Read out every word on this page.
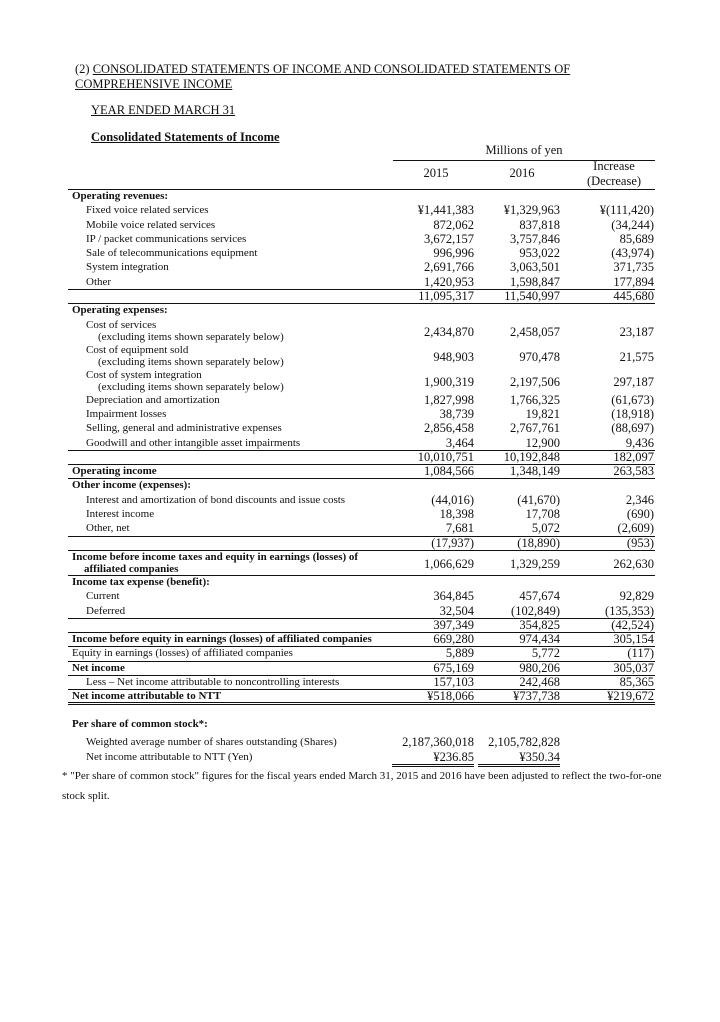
(2) CONSOLIDATED STATEMENTS OF INCOME AND CONSOLIDATED STATEMENTS OF COMPREHENSIVE INCOME
YEAR ENDED MARCH 31
Consolidated Statements of Income
Millions of yen
2015	2016	Increase
(Decrease)
Operating revenues:
Fixed voice related services	¥1,441,383 ¥1,329,963	¥(111,420)
Mobile voice related services	872,062	837,818	(34,244)
IP / packet communications services	3,672,157	3,757,846	85,689
Sale of telecommunications equipment	996,996	953,022	(43,974)
System integration	2,691,766	3,063,501	371,735
Other	1,420,953	1,598,847	177,894
11,095,317 11,540,997	445,680
Operating expenses:
Cost of services
(excluding items shown separately below)	2,434,870	2,458,057	23,187
Cost of equipment sold
(excluding items shown separately below)	948,903	970,478	21,575
Cost of system integration
(excluding items shown separately below)	1,900,319	2,197,506	297,187
Depreciation and amortization	1,827,998	1,766,325	(61,673)
Impairment losses	38,739	19,821	(18,918)
Selling, general and administrative expenses	2,856,458	2,767,761	(88,697)
Goodwill and other intangible asset impairments	3,464	12,900	9,436
10,010,751 10,192,848	182,097
Operating income	1,084,566	1,348,149	263,583
Other income (expenses):
Interest and amortization of bond discounts and issue costs	(44,016)	(41,670)	2,346
Interest income	18,398	17,708	(690)
Other, net	7,681	5,072	(2,609)
(17,937)	(18,890)	(953)
Income before income taxes and equity in earnings (losses) of
affiliated companies	1,066,629	1,329,259	262,630
Income tax expense (benefit):
Current	364,845	457,674	92,829
Deferred	32,504	(102,849)	(135,353)
397,349	354,825	(42,524)
Income before equity in earnings (losses) of affiliated companies	669,280	974,434	305,154
Equity in earnings (losses) of affiliated companies	5,889	5,772	(117)
Net income	675,169	980,206	305,037
Less – Net income attributable to noncontrolling interests	157,103	242,468	85,365
Net income attributable to NTT	¥518,066	¥737,738	¥219,672
Per share of common stock*:
Weighted average number of shares outstanding (Shares)	2,187,360,018 2,105,782,828
Net income attributable to NTT (Yen)	¥236.85	¥350.34
* "Per share of common stock" figures for the fiscal years ended March 31, 2015 and 2016 have been adjusted to reflect the two-for-one stock split.
